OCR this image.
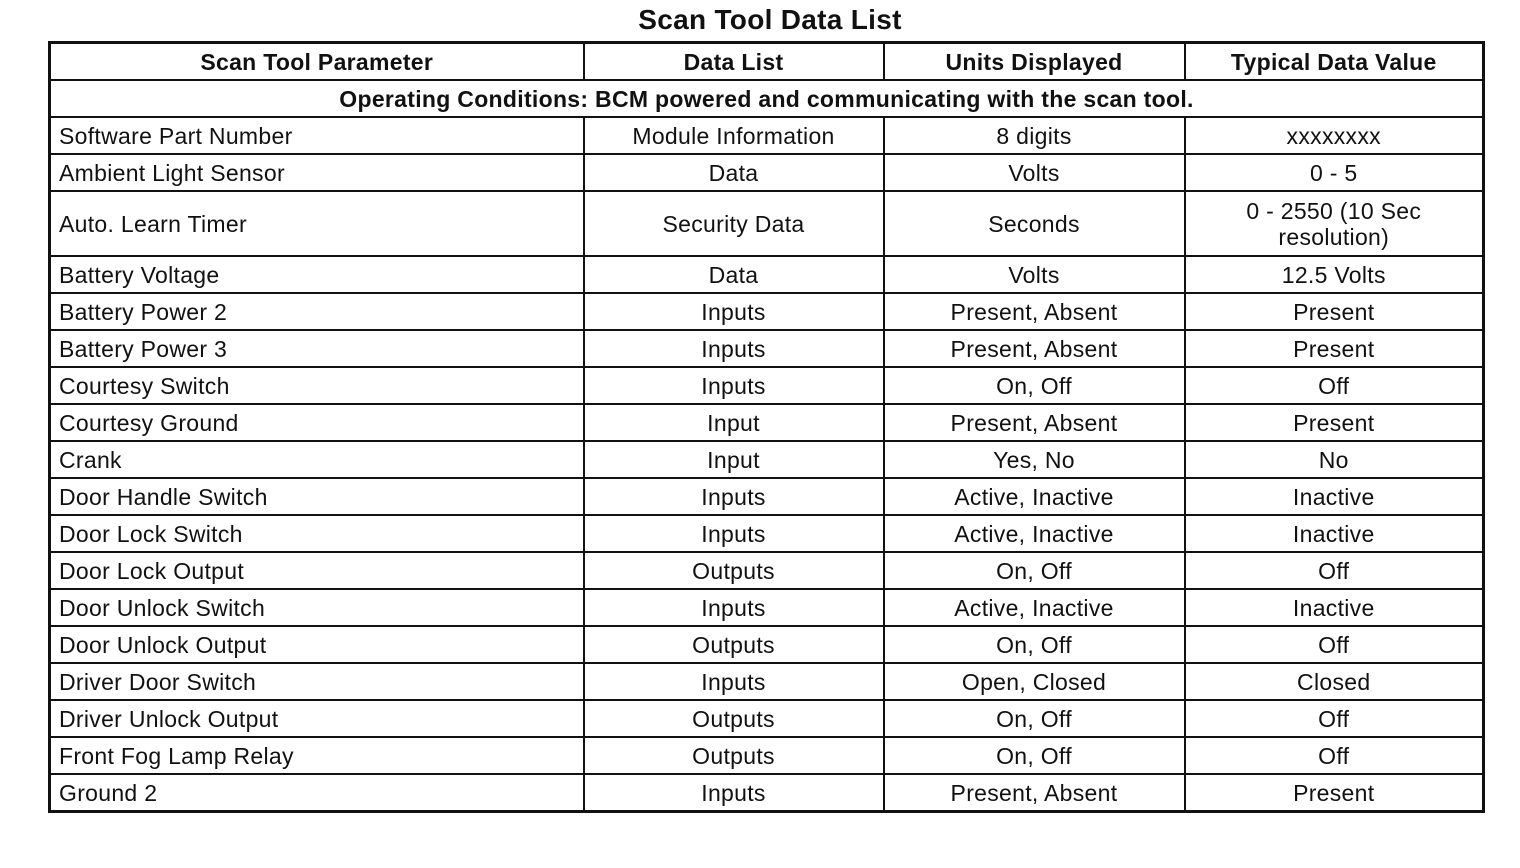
Scan Tool Data List
Scan Tool Parameter	Data List	Units Displayed	Typical Data Value
Operating Conditions: BCM powered and communicating with the scan tool.			
Software Part Number	Module Information	8 digits	xxxxxxxx
Ambient Light Sensor	Data	Volts	0 - 5
Auto. Learn Timer	Security Data	Seconds	0 - 2550 (10 Sec resolution)
Battery Voltage	Data	Volts	12.5 Volts
Battery Power 2	Inputs	Present, Absent	Present
Battery Power 3	Inputs	Present, Absent	Present
Courtesy Switch	Inputs	On, Off	Off
Courtesy Ground	Input	Present, Absent	Present
Crank	Input	Yes, No	No
Door Handle Switch	Inputs	Active, Inactive	Inactive
Door Lock Switch	Inputs	Active, Inactive	Inactive
Door Lock Output	Outputs	On, Off	Off
Door Unlock Switch	Inputs	Active, Inactive	Inactive
Door Unlock Output	Outputs	On, Off	Off
Driver Door Switch	Inputs	Open, Closed	Closed
Driver Unlock Output	Outputs	On, Off	Off
Front Fog Lamp Relay	Outputs	On, Off	Off
Ground 2	Inputs	Present, Absent	Present
